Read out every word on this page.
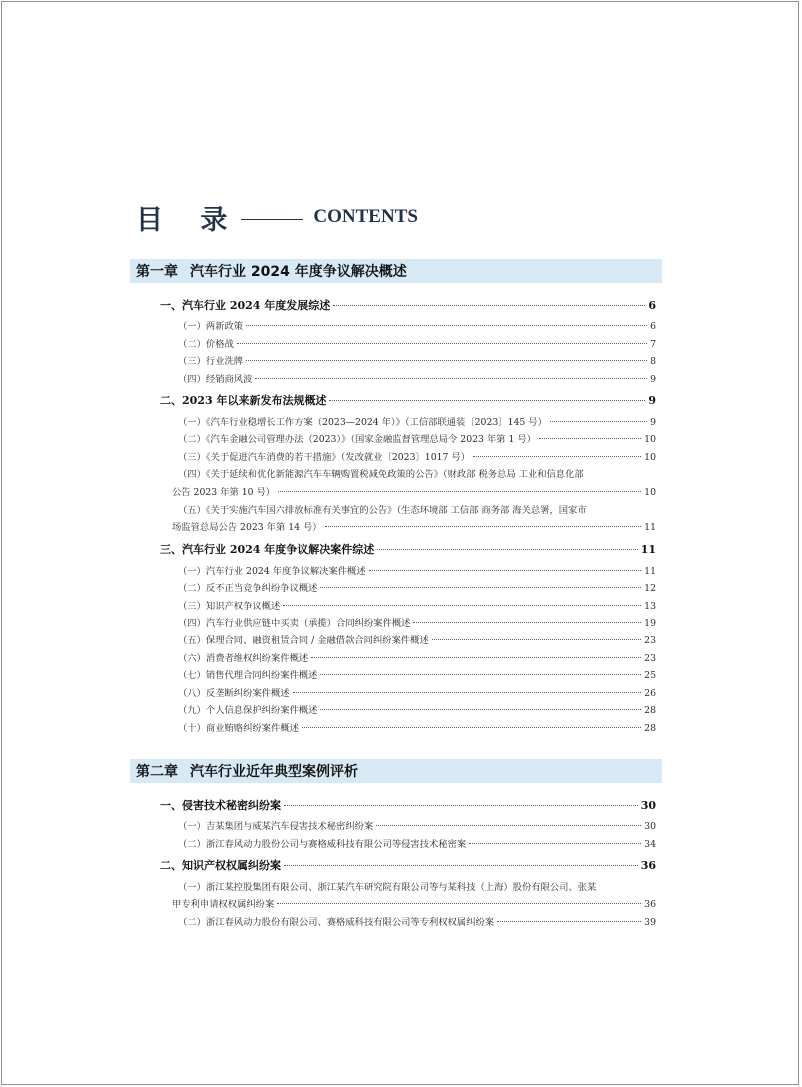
目 录	CONTENTS
第一章 汽车行业 2024 年度争议解决概述
一、汽车行业 2024 年度发展综述	6
（一）两新政策	6
（二）价格战	7
（三）行业洗牌	8
（四）经销商风波	9
二、2023 年以来新发布法规概述	9
（一）《汽车行业稳增长工作方案（2023—2024 年）》（工信部联通装〔2023〕145 号）	9
（二）《汽车金融公司管理办法（2023）》（国家金融监督管理总局令 2023 年第 1 号）	10
（三）《关于促进汽车消费的若干措施》（发改就业〔2023〕1017 号）	10
（四）《关于延续和优化新能源汽车车辆购置税减免政策的公告》（财政部 税务总局 工业和信息化部
公告 2023 年第 10 号）	10
（五）《关于实施汽车国六排放标准有关事宜的公告》（生态环境部 工信部 商务部 海关总署，国家市
场监管总局公告 2023 年第 14 号）	11
三、汽车行业 2024 年度争议解决案件综述	11
（一）汽车行业 2024 年度争议解决案件概述	11
（二）反不正当竞争纠纷争议概述	12
（三）知识产权争议概述	13
（四）汽车行业供应链中买卖（承揽）合同纠纷案件概述	19
（五）保理合同、融资租赁合同 / 金融借款合同纠纷案件概述	23
（六）消费者维权纠纷案件概述	23
（七）销售代理合同纠纷案件概述	25
（八）反垄断纠纷案件概述	26
（九）个人信息保护纠纷案件概述	28
（十）商业贿赂纠纷案件概述	28
第二章 汽车行业近年典型案例评析
一、侵害技术秘密纠纷案	30
（一）吉某集团与威某汽车侵害技术秘密纠纷案	30
（二）浙江春风动力股份公司与赛格威科技有限公司等侵害技术秘密案	34
二、知识产权权属纠纷案	36
（一）浙江某控股集团有限公司、浙江某汽车研究院有限公司等与某科技（上海）股份有限公司、张某
甲专利申请权权属纠纷案	36
（二）浙江春风动力股份有限公司、赛格威科技有限公司等专利权权属纠纷案	39
